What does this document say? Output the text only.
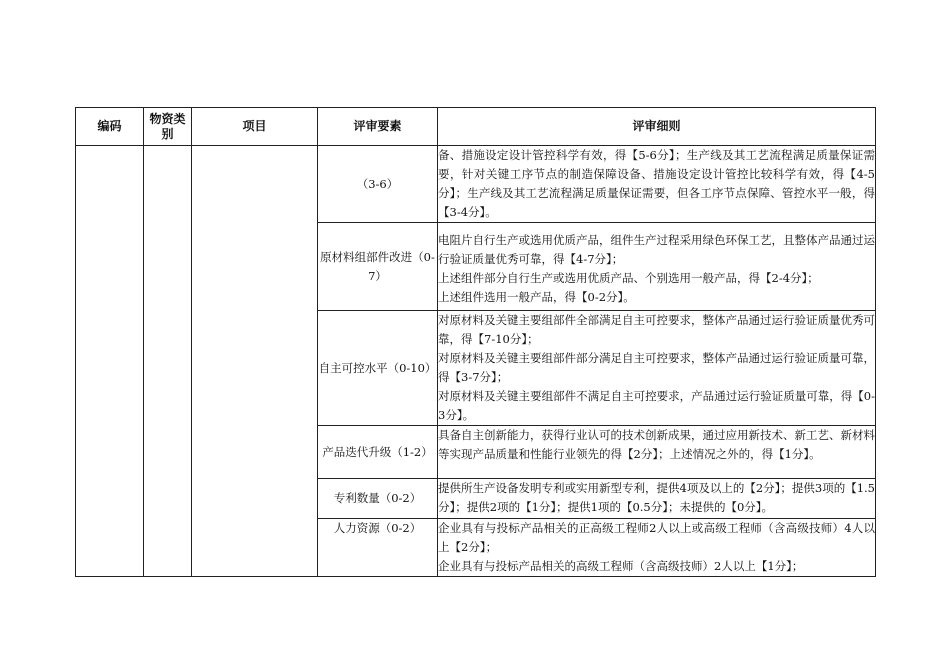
编码	物资类别	项目	评审要素	评审细则
			（3-6）	备、措施设定设计管控科学有效，得【5-6分】；生产线及其工艺流程满足质量保证需要，针对关键工序节点的制造保障设备、措施设定设计管控比较科学有效，得【4-5分】；生产线及其工艺流程满足质量保证需要，但各工序节点保障、管控水平一般，得【3-4分】。

			原材料组部件改进（0-7）	电阻片自行生产或选用优质产品，组件生产过程采用绿色环保工艺，且整体产品通过运行验证质量优秀可靠，得【4-7分】；
上述组件部分自行生产或选用优质产品、个别选用一般产品，得【2-4分】；
上述组件选用一般产品，得【0-2分】。

			自主可控水平（0-10）	对原材料及关键主要组部件全部满足自主可控要求，整体产品通过运行验证质量优秀可靠，得【7-10分】；
对原材料及关键主要组部件部分满足自主可控要求，整体产品通过运行验证质量可靠，得【3-7分】；
对原材料及关键主要组部件不满足自主可控要求，产品通过运行验证质量可靠，得【0-3分】。

			产品迭代升级（1-2）	具备自主创新能力，获得行业认可的技术创新成果，通过应用新技术、新工艺、新材料等实现产品质量和性能行业领先的得【2分】；上述情况之外的，得【1分】。

			专利数量（0-2）	提供所生产设备发明专利或实用新型专利，提供4项及以上的【2分】；提供3项的【1.5分】；提供2项的【1分】；提供1项的【0.5分】；未提供的【0分】。

			人力资源（0-2）	企业具有与投标产品相关的正高级工程师2人以上或高级工程师（含高级技师）4人以上【2分】；
企业具有与投标产品相关的高级工程师（含高级技师）2人以上【1分】；
